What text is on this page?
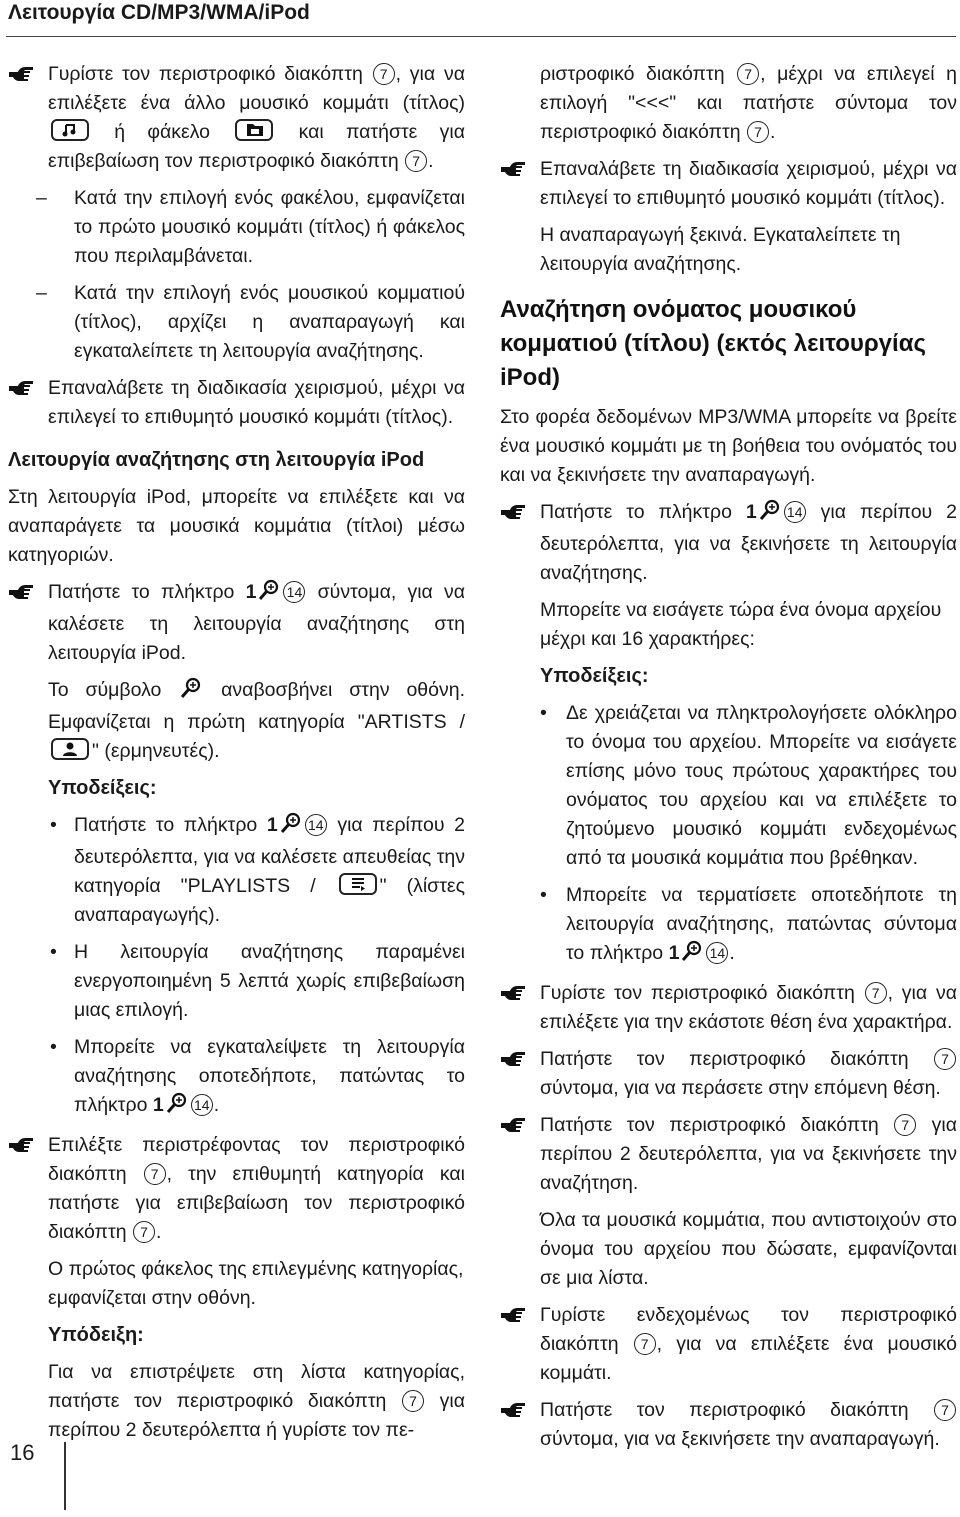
Λειτουργία CD/MP3/WMA/iPod
Γυρίστε τον περιστροφικό διακόπτη 7 , για να επιλέξετε ένα άλλο μουσικό κομμάτι (τίτλος)
ή φάκελο	και πατήστε για επιβεβαίωση τον περιστροφικό διακόπτη 7 .
– Κατά την επιλογή ενός φακέλου, εμφανίζεται το πρώτο μουσικό κομμάτι (τίτλος) ή φάκελος που περιλαμβάνεται.
– Κατά την επιλογή ενός μουσικού κομματιού (τίτλος), αρχίζει η αναπαραγωγή και εγκαταλείπετε τη λειτουργία αναζήτησης.
Επαναλάβετε τη διαδικασία χειρισμού, μέχρι να επιλεγεί το επιθυμητό μουσικό κομμάτι (τίτλος).

Λειτουργία αναζήτησης στη λειτουργία iPod

Στη λειτουργία iPod, μπορείτε να επιλέξετε και να αναπαράγετε τα μουσικά κομμάτια (τίτλοι) μέσω κατηγοριών.

Πατήστε το πλήκτρο 1 14 σύντομα, για να καλέσετε τη λειτουργία αναζήτησης στη λειτουργία iPod.

Το σύμβολο	αναβοσβήνει στην οθόνη. Εμφανίζεται η πρώτη κατηγορία "ARTISTS /
" (ερμηνευτές).

Υποδείξεις:

• Πατήστε το πλήκτρο 1 14 για περίπου 2 δευτερόλεπτα, για να καλέσετε απευθείας την κατηγορία "PLAYLISTS /	" (λίστες αναπαραγωγής).
• Η λειτουργία αναζήτησης παραμένει ενεργοποιημένη 5 λεπτά χωρίς επιβεβαίωση μιας επιλογή.
• Μπορείτε να εγκαταλείψετε τη λειτουργία αναζήτησης οποτεδήποτε, πατώντας το πλήκτρο 1 14 .
Επιλέξτε περιστρέφοντας τον περιστροφικό διακόπτη 7 , την επιθυμητή κατηγορία και πατήστε για επιβεβαίωση τον περιστροφικό διακόπτη 7 .

Ο πρώτος φάκελος της επιλεγμένης κατηγορίας, εμφανίζεται στην οθόνη.

Υπόδειξη:

Για να επιστρέψετε στη λίστα κατηγορίας, πατήστε τον περιστροφικό διακόπτη 7 για περίπου 2 δευτερόλεπτα ή γυρίστε τον πε-

ριστροφικό διακόπτη 7 , μέχρι να επιλεγεί η επιλογή "<<<" και πατήστε σύντομα τον περιστροφικό διακόπτη 7 .

Επαναλάβετε τη διαδικασία χειρισμού, μέχρι να επιλεγεί το επιθυμητό μουσικό κομμάτι (τίτλος).

Η αναπαραγωγή ξεκινά. Εγκαταλείπετε τη λειτουργία αναζήτησης.

Αναζήτηση ονόματος μουσικού κομματιού (τίτλου) (εκτός λειτουργίας iPod)

Στο φορέα δεδομένων MP3/WMA μπορείτε να βρείτε ένα μουσικό κομμάτι με τη βοήθεια του ονόματός του και να ξεκινήσετε την αναπαραγωγή.

Πατήστε το πλήκτρο 1 14 για περίπου 2 δευτερόλεπτα, για να ξεκινήσετε τη λειτουργία αναζήτησης.

Μπορείτε να εισάγετε τώρα ένα όνομα αρχείου μέχρι και 16 χαρακτήρες:

Υποδείξεις:

• Δε χρειάζεται να πληκτρολογήσετε ολόκληρο το όνομα του αρχείου. Μπορείτε να εισάγετε επίσης μόνο τους πρώτους χαρακτήρες του ονόματος του αρχείου και να επιλέξετε το ζητούμενο μουσικό κομμάτι ενδεχομένως από τα μουσικά κομμάτια που βρέθηκαν.
• Μπορείτε να τερματίσετε οποτεδήποτε τη λειτουργία αναζήτησης, πατώντας σύντομα το πλήκτρο 1 14 .
Γυρίστε τον περιστροφικό διακόπτη 7 , για να επιλέξετε για την εκάστοτε θέση ένα χαρακτήρα.
Πατήστε τον περιστροφικό διακόπτη 7 σύντομα, για να περάσετε στην επόμενη θέση.
Πατήστε τον περιστροφικό διακόπτη 7 για περίπου 2 δευτερόλεπτα, για να ξεκινήσετε την αναζήτηση.

Όλα τα μουσικά κομμάτια, που αντιστοιχούν στο όνομα του αρχείου που δώσατε, εμφανίζονται σε μια λίστα.

Γυρίστε ενδεχομένως τον περιστροφικό διακόπτη 7 , για να επιλέξετε ένα μουσικό κομμάτι.
Πατήστε τον περιστροφικό διακόπτη 7 σύντομα, για να ξεκινήσετε την αναπαραγωγή.
16
